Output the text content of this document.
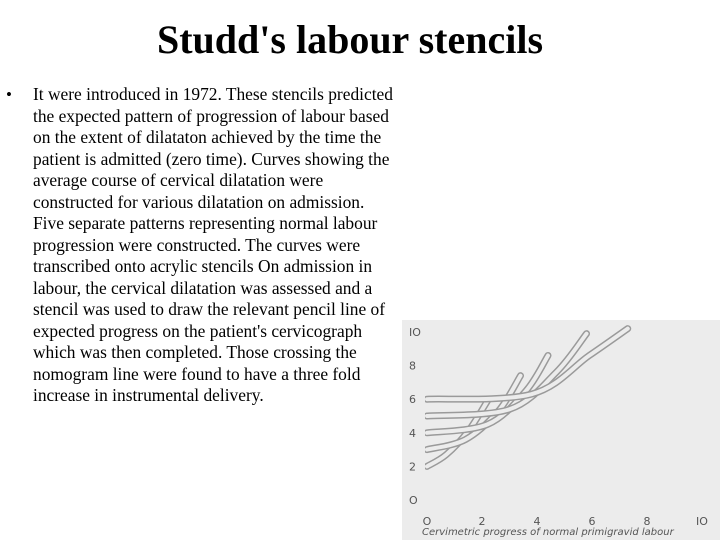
Studd's labour stencils
• It were introduced in 1972. These stencils predicted the expected pattern of progression of labour based on the extent of dilataton achieved by the time the patient is admitted (zero time). Curves showing the average course of cervical dilatation were constructed for various dilatation on admission. Five separate patterns representing normal labour progression were constructed. The curves were transcribed onto acrylic stencils On admission in labour, the cervical dilatation was assessed and a stencil was used to draw the relevant pencil line of expected progress on the patient's cervicograph which was then completed. Those crossing the nomogram line were found to have a three fold increase in instrumental delivery.
O
2
4
6
8
IO
O	2	4	6	8	IO
Cervimetric progress of normal primigravid labour
